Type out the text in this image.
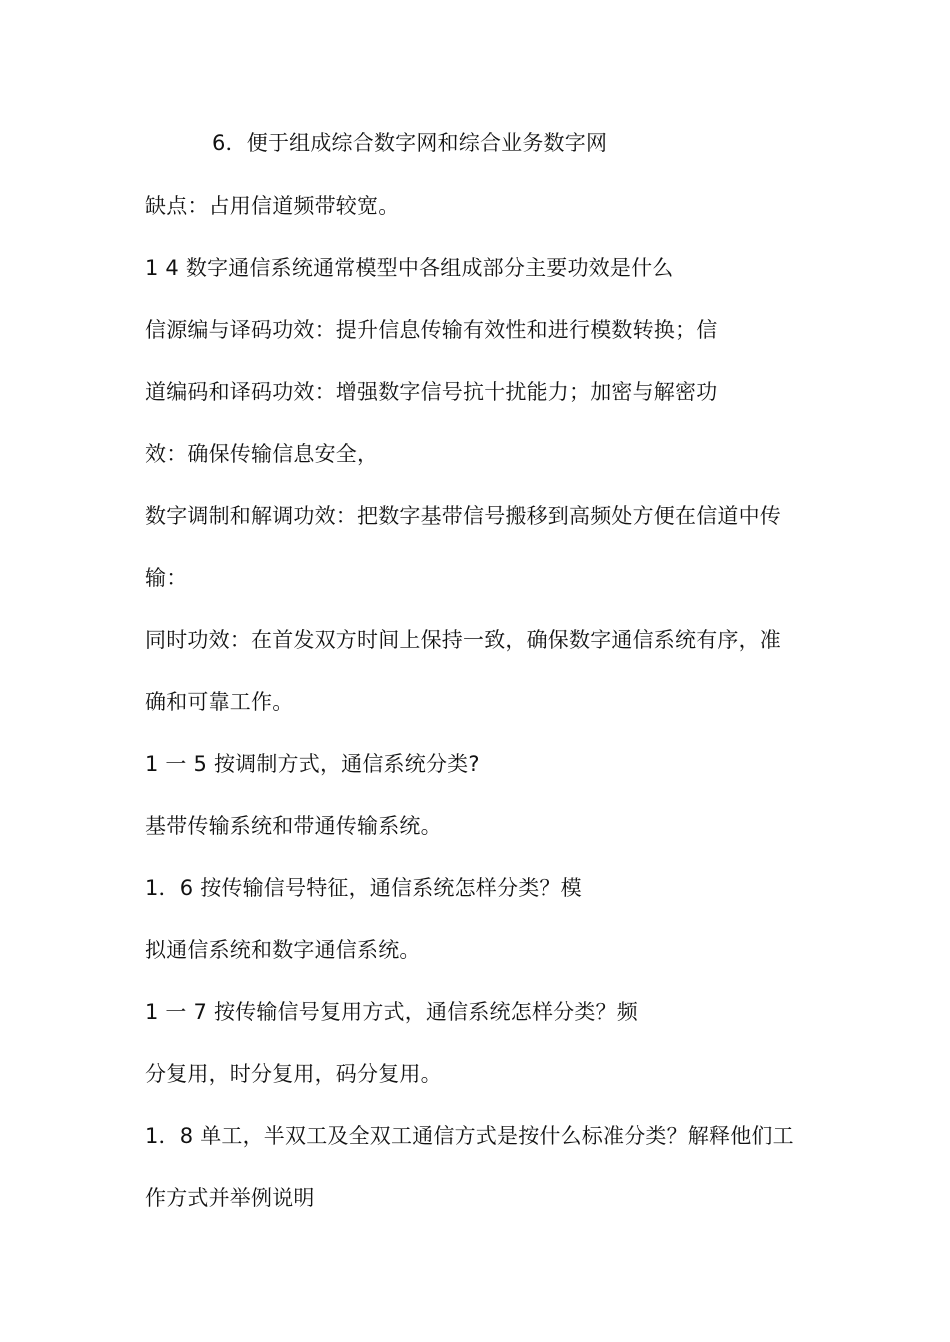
6．便于组成综合数字网和综合业务数字网
缺点：占用信道频带较宽。
1 4 数字通信系统通常模型中各组成部分主要功效是什么
信源编与译码功效：提升信息传输有效性和进行模数转换；信
道编码和译码功效：增强数字信号抗十扰能力；加密与解密功
效：确保传输信息安全，
数字调制和解调功效：把数字基带信号搬移到高频处方便在信道中传
输：
同时功效：在首发双方时间上保持一致，确保数字通信系统有序，准
确和可靠工作。
1 一 5 按调制方式，通信系统分类?
基带传输系统和带通传输系统。
1．6 按传输信号特征，通信系统怎样分类？模
拟通信系统和数字通信系统。
1 一 7 按传输信号复用方式，通信系统怎样分类？频
分复用，时分复用，码分复用。
1．8 单工，半双工及全双工通信方式是按什么标准分类？解释他们工
作方式并举例说明
